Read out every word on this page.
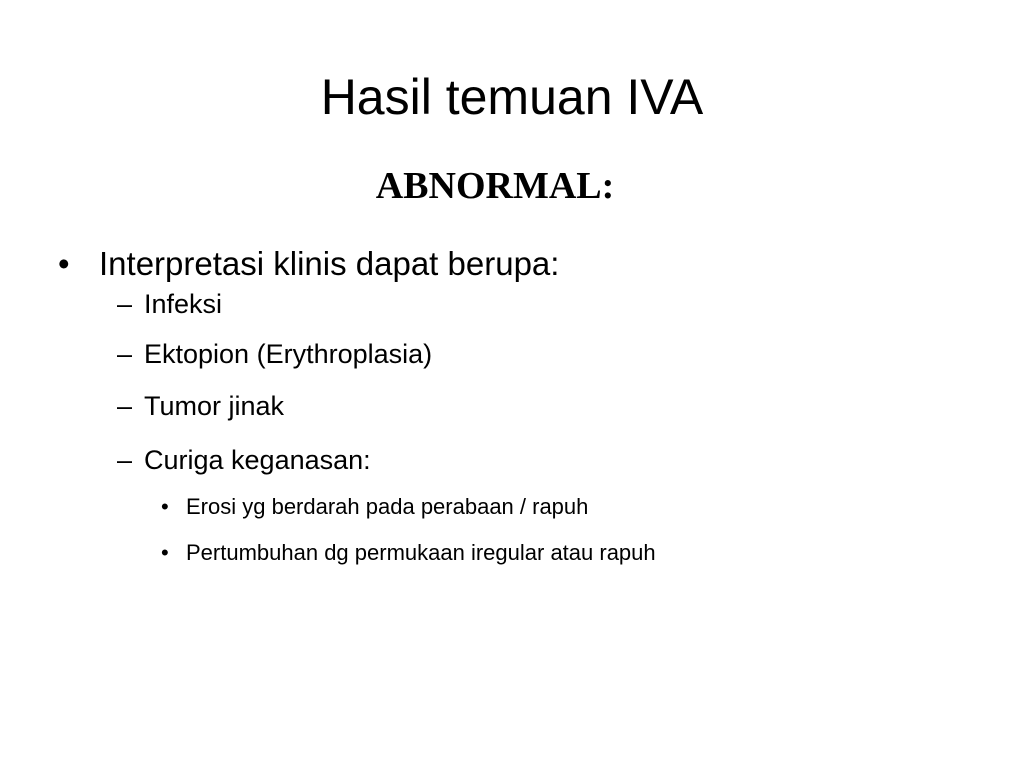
Hasil temuan IVA
ABNORMAL:
• Interpretasi klinis dapat berupa:
– Infeksi
– Ektopion (Erythroplasia)
– Tumor jinak
– Curiga keganasan:
• Erosi yg berdarah pada perabaan / rapuh
• Pertumbuhan dg permukaan iregular atau rapuh
